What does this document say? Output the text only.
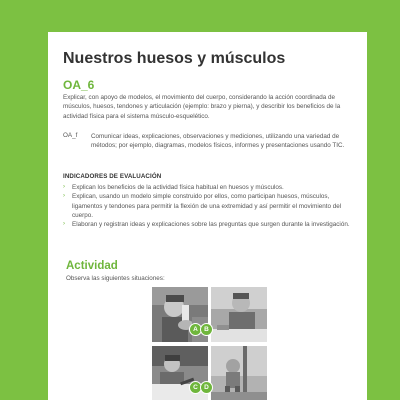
Nuestros huesos y músculos
OA_6
Explicar, con apoyo de modelos, el movimiento del cuerpo, considerando la acción coordinada de músculos, huesos, tendones y articulación (ejemplo: brazo y pierna), y describir los beneficios de la actividad física para el sistema músculo-esquelético.
OA_f Comunicar ideas, explicaciones, observaciones y mediciones, utilizando una variedad de métodos; por ejemplo, diagramas, modelos físicos, informes y presentaciones usando TIC.
INDICADORES DE EVALUACIÓN
› Explican los beneficios de la actividad física habitual en huesos y músculos.
› Explican, usando un modelo simple construido por ellos, como participan huesos, músculos, ligamentos y tendones para permitir la flexión de una extremidad y así permitir el movimiento del cuerpo.
› Elaboran y registran ideas y explicaciones sobre las preguntas que surgen durante la investigación.
Actividad
Observa las siguientes situaciones:
A B
C D
